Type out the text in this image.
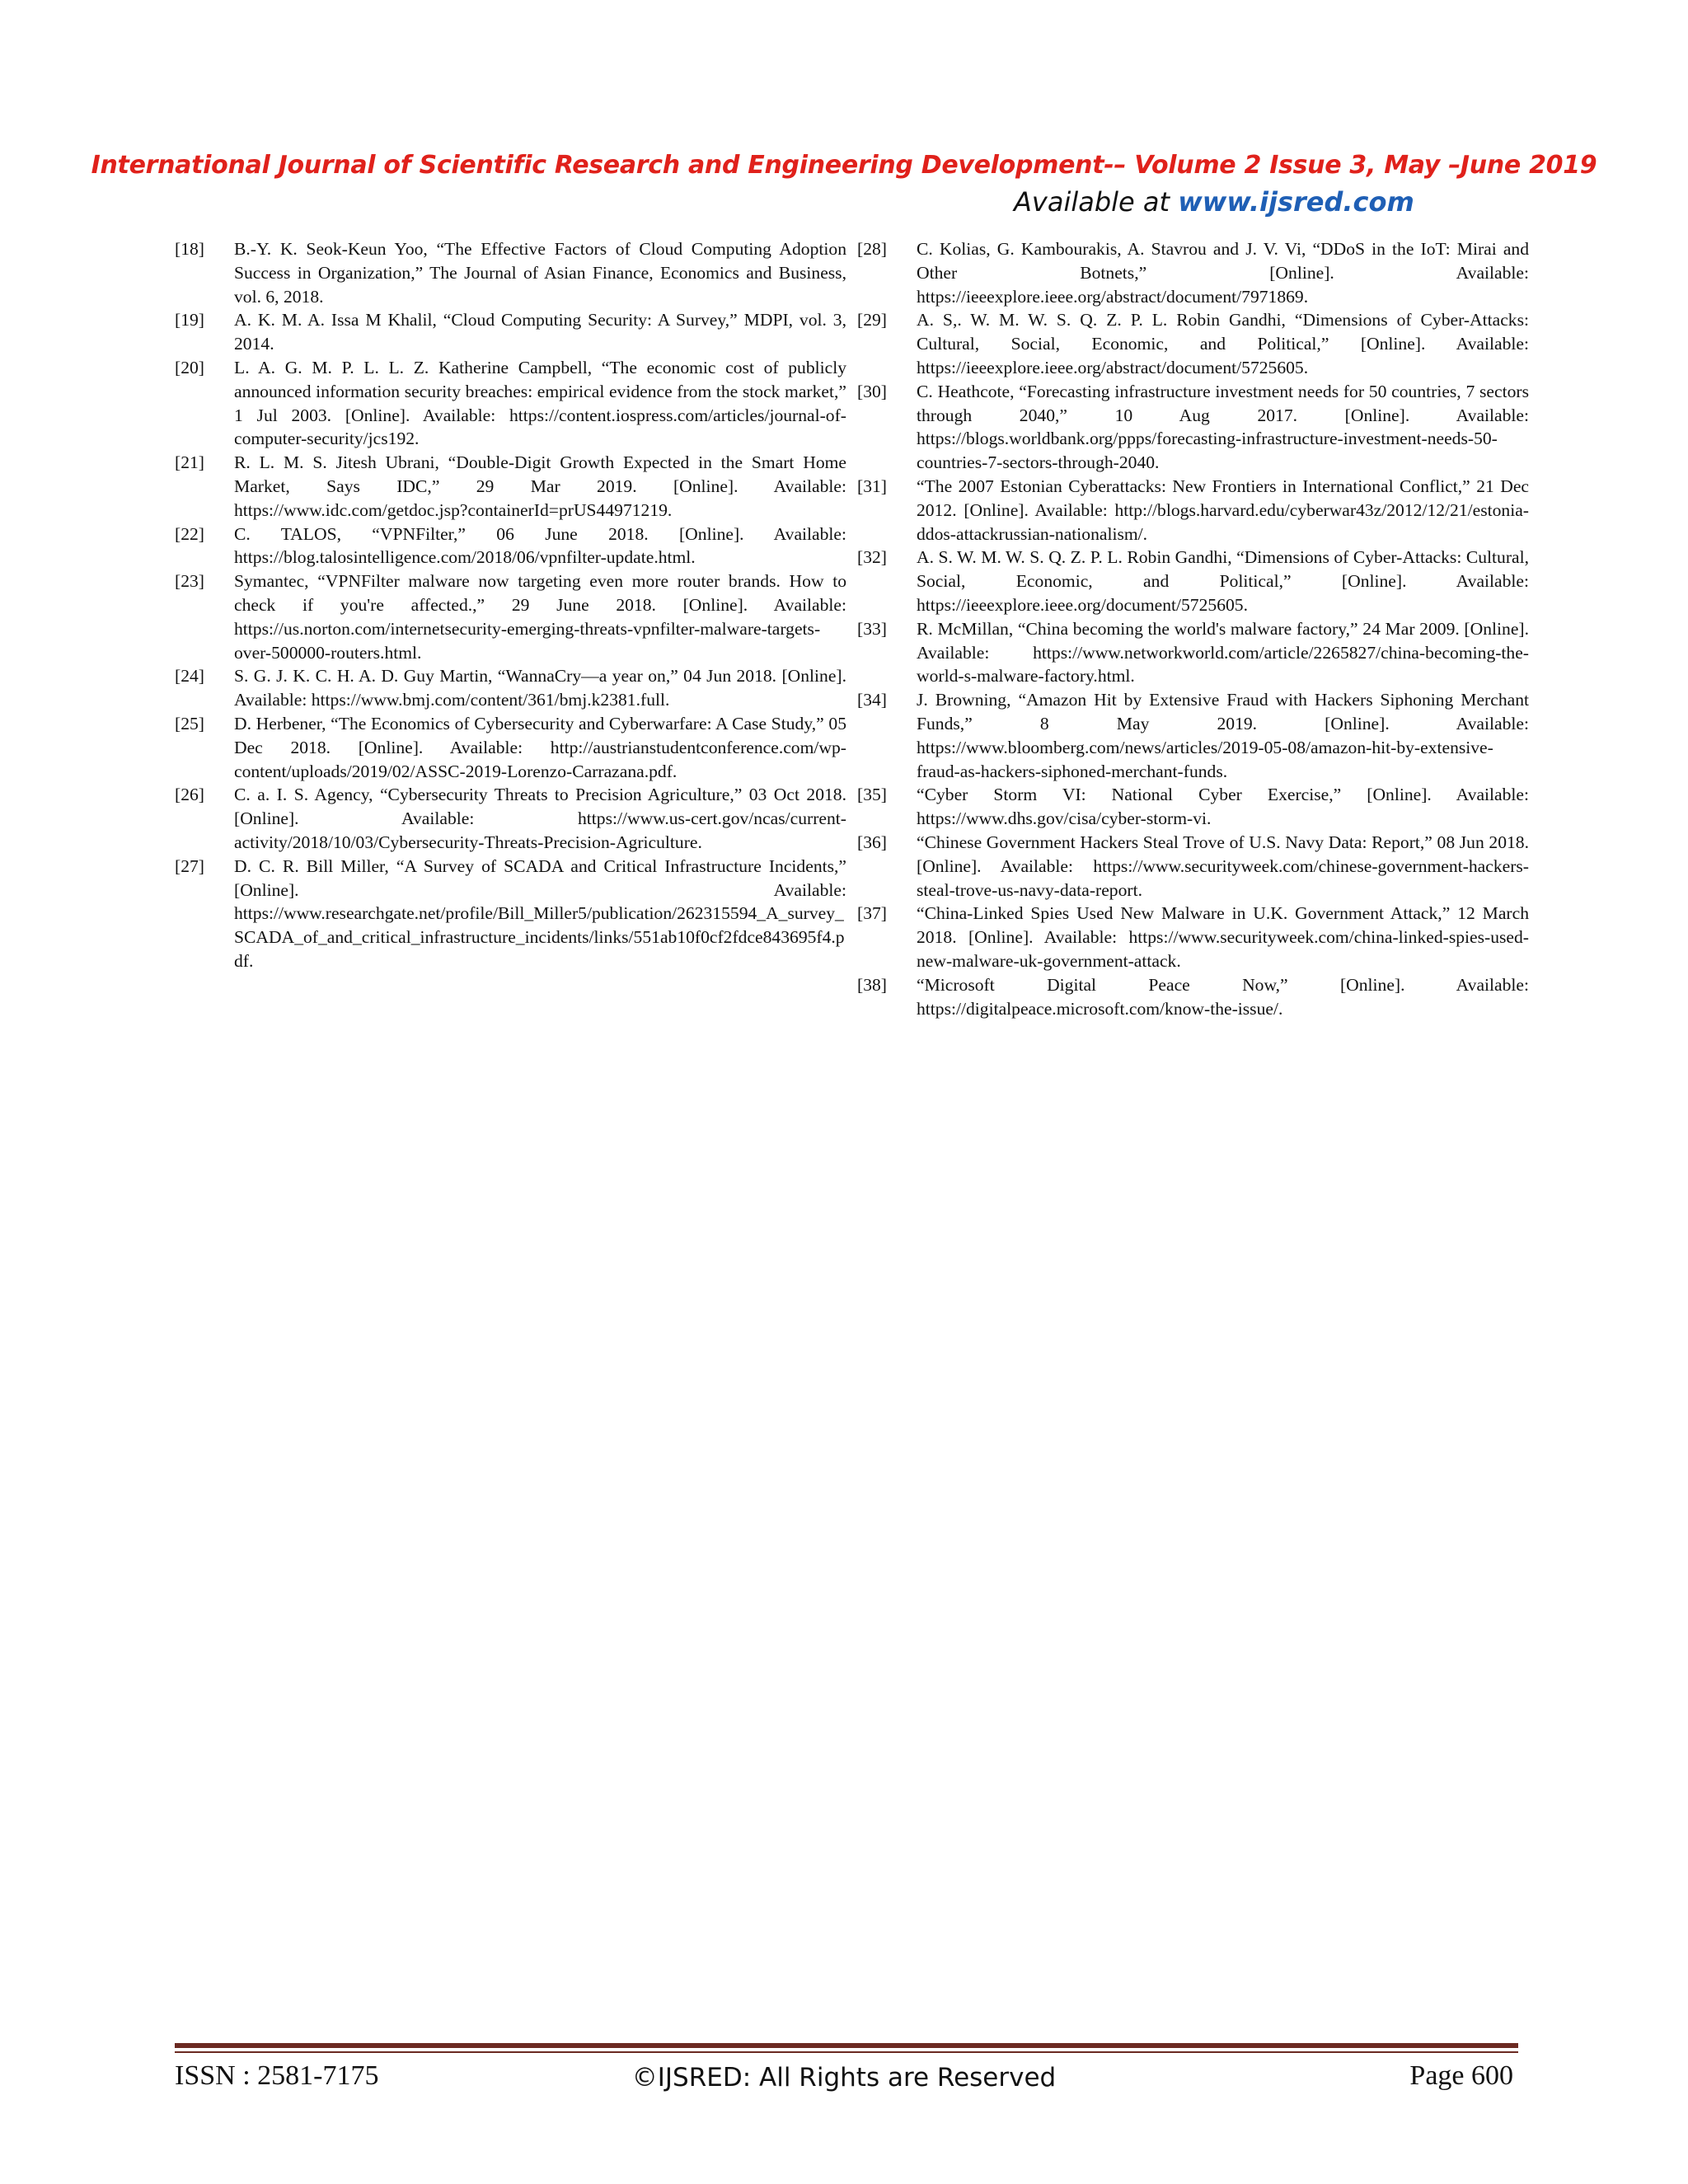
International Journal of Scientific Research and Engineering Development-– Volume 2 Issue 3, May –June 2019
Available at www.ijsred.com
[18] B.-Y. K. Seok-Keun Yoo, “The Effective Factors of Cloud Computing Adoption Success in Organization,” The Journal of Asian Finance, Economics and Business, vol. 6, 2018.
[19] A. K. M. A. Issa M Khalil, “Cloud Computing Security: A Survey,” MDPI, vol. 3, 2014.
[20] L. A. G. M. P. L. L. Z. Katherine Campbell, “The economic cost of publicly announced information security breaches: empirical evidence from the stock market,” 1 Jul 2003. [Online]. Available: https://content.iospress.com/articles/journal-of-computer-security/jcs192.
[21] R. L. M. S. Jitesh Ubrani, “Double-Digit Growth Expected in the Smart Home Market, Says IDC,” 29 Mar 2019. [Online]. Available: https://www.idc.com/getdoc.jsp?containerId=prUS44971219.
[22] C. TALOS, “VPNFilter,” 06 June 2018. [Online]. Available: https://blog.talosintelligence.com/2018/06/vpnfilter-update.html.
[23] Symantec, “VPNFilter malware now targeting even more router brands. How to check if you're affected.,” 29 June 2018. [Online]. Available: https://us.norton.com/internetsecurity-emerging-threats-vpnfilter-malware-targets-over-500000-routers.html.
[24] S. G. J. K. C. H. A. D. Guy Martin, “WannaCry—a year on,” 04 Jun 2018. [Online]. Available: https://www.bmj.com/content/361/bmj.k2381.full.
[25] D. Herbener, “The Economics of Cybersecurity and Cyberwarfare: A Case Study,” 05 Dec 2018. [Online]. Available: http://austrianstudentconference.com/wp-content/uploads/2019/02/ASSC-2019-Lorenzo-Carrazana.pdf.
[26] C. a. I. S. Agency, “Cybersecurity Threats to Precision Agriculture,” 03 Oct 2018. [Online]. Available: https://www.us-cert.gov/ncas/current-activity/2018/10/03/Cybersecurity-Threats-Precision-Agriculture.
[27] D. C. R. Bill Miller, “A Survey of SCADA and Critical Infrastructure Incidents,” [Online]. Available: https://www.researchgate.net/profile/Bill_Miller5/publication/262315594_A_survey_SCADA_of_and_critical_infrastructure_incidents/links/551ab10f0cf2fdce843695f4.pdf.
[28] C. Kolias, G. Kambourakis, A. Stavrou and J. V. Vi, “DDoS in the IoT: Mirai and Other Botnets,” [Online]. Available: https://ieeexplore.ieee.org/abstract/document/7971869.
[29] A. S,. W. M. W. S. Q. Z. P. L. Robin Gandhi, “Dimensions of Cyber-Attacks: Cultural, Social, Economic, and Political,” [Online]. Available: https://ieeexplore.ieee.org/abstract/document/5725605.
[30] C. Heathcote, “Forecasting infrastructure investment needs for 50 countries, 7 sectors through 2040,” 10 Aug 2017. [Online]. Available: https://blogs.worldbank.org/ppps/forecasting-infrastructure-investment-needs-50-countries-7-sectors-through-2040.
[31] “The 2007 Estonian Cyberattacks: New Frontiers in International Conflict,” 21 Dec 2012. [Online]. Available: http://blogs.harvard.edu/cyberwar43z/2012/12/21/estonia-ddos-attackrussian-nationalism/.
[32] A. S. W. M. W. S. Q. Z. P. L. Robin Gandhi, “Dimensions of Cyber-Attacks: Cultural, Social, Economic, and Political,” [Online]. Available: https://ieeexplore.ieee.org/document/5725605.
[33] R. McMillan, “China becoming the world's malware factory,” 24 Mar 2009. [Online]. Available: https://www.networkworld.com/article/2265827/china-becoming-the-world-s-malware-factory.html.
[34] J. Browning, “Amazon Hit by Extensive Fraud with Hackers Siphoning Merchant Funds,” 8 May 2019. [Online]. Available: https://www.bloomberg.com/news/articles/2019-05-08/amazon-hit-by-extensive-fraud-as-hackers-siphoned-merchant-funds.
[35] “Cyber Storm VI: National Cyber Exercise,” [Online]. Available: https://www.dhs.gov/cisa/cyber-storm-vi.
[36] “Chinese Government Hackers Steal Trove of U.S. Navy Data: Report,” 08 Jun 2018. [Online]. Available: https://www.securityweek.com/chinese-government-hackers-steal-trove-us-navy-data-report.
[37] “China-Linked Spies Used New Malware in U.K. Government Attack,” 12 March 2018. [Online]. Available: https://www.securityweek.com/china-linked-spies-used-new-malware-uk-government-attack.
[38] “Microsoft Digital Peace Now,” [Online]. Available: https://digitalpeace.microsoft.com/know-the-issue/.
ISSN : 2581-7175	©IJSRED: All Rights are Reserved	Page 600
